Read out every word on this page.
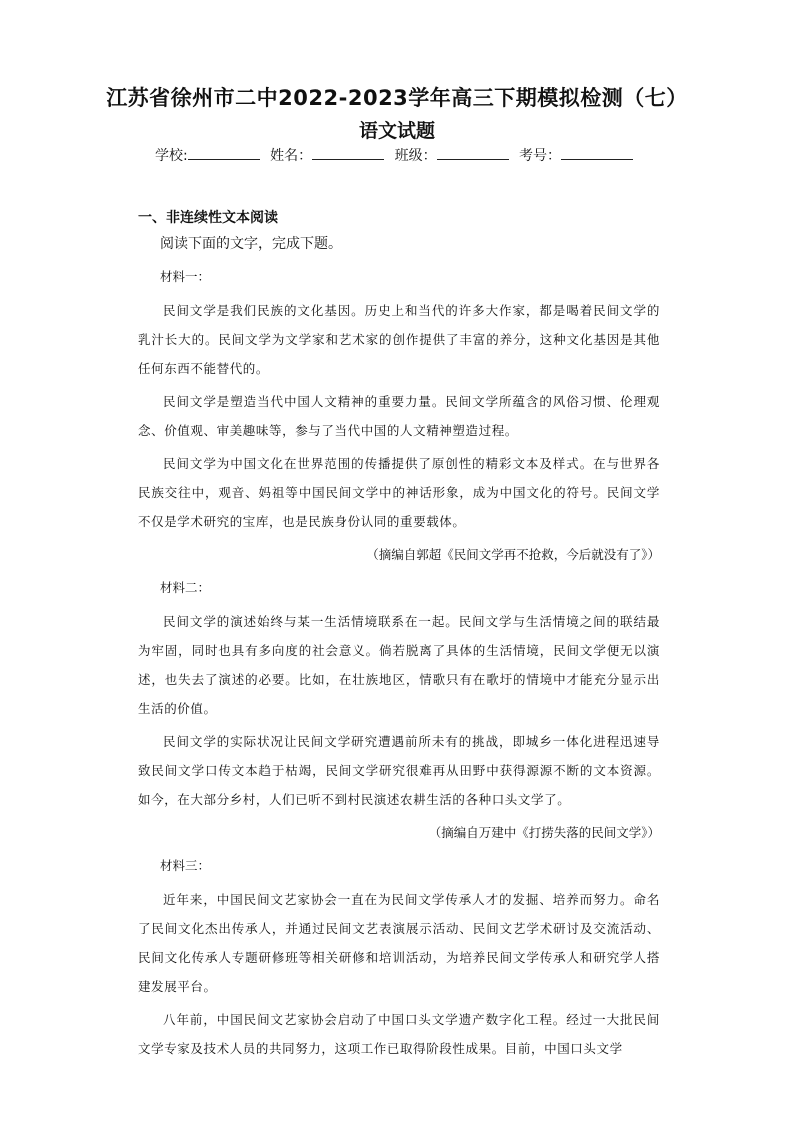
江苏省徐州市二中2022-2023学年高三下期模拟检测（七）
语文试题
学校:	姓名：	班级：	考号：
一、非连续性文本阅读
阅读下面的文字，完成下题。
材料一：

民间文学是我们民族的文化基因。历史上和当代的许多大作家，都是喝着民间文学的乳汁长大的。民间文学为文学家和艺术家的创作提供了丰富的养分，这种文化基因是其他任何东西不能替代的。

民间文学是塑造当代中国人文精神的重要力量。民间文学所蕴含的风俗习惯、伦理观念、价值观、审美趣味等，参与了当代中国的人文精神塑造过程。

民间文学为中国文化在世界范围的传播提供了原创性的精彩文本及样式。在与世界各民族交往中，观音、妈祖等中国民间文学中的神话形象，成为中国文化的符号。民间文学不仅是学术研究的宝库，也是民族身份认同的重要载体。

（摘编自郭超《民间文学再不抢救，今后就没有了》）

材料二：

民间文学的演述始终与某一生活情境联系在一起。民间文学与生活情境之间的联结最为牢固，同时也具有多向度的社会意义。倘若脱离了具体的生活情境，民间文学便无以演述，也失去了演述的必要。比如，在壮族地区，情歌只有在歌圩的情境中才能充分显示出生活的价值。

民间文学的实际状况让民间文学研究遭遇前所未有的挑战，即城乡一体化进程迅速导致民间文学口传文本趋于枯竭，民间文学研究很难再从田野中获得源源不断的文本资源。如今，在大部分乡村，人们已听不到村民演述农耕生活的各种口头文学了。

（摘编自万建中《打捞失落的民间文学》）

材料三：

近年来，中国民间文艺家协会一直在为民间文学传承人才的发掘、培养而努力。命名了民间文化杰出传承人，并通过民间文艺表演展示活动、民间文艺学术研讨及交流活动、民间文化传承人专题研修班等相关研修和培训活动，为培养民间文学传承人和研究学人搭建发展平台。

八年前，中国民间文艺家协会启动了中国口头文学遗产数字化工程。经过一大批民间文学专家及技术人员的共同努力，这项工作已取得阶段性成果。目前，中国口头文学
